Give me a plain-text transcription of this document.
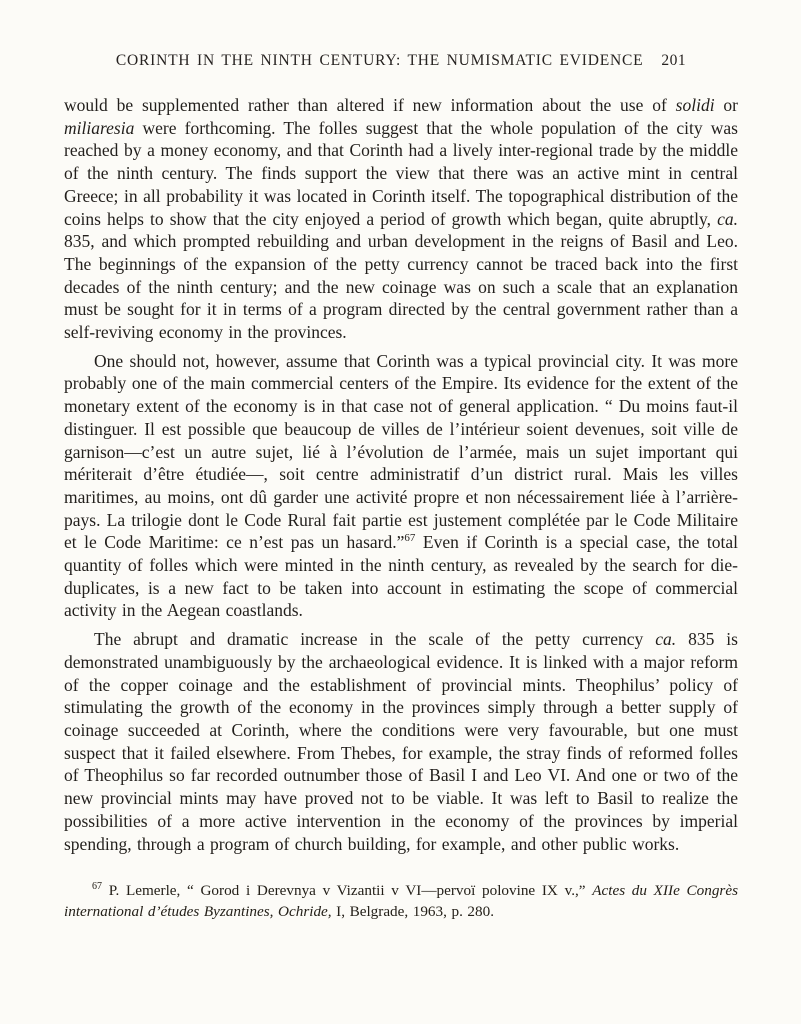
CORINTH IN THE NINTH CENTURY: THE NUMISMATIC EVIDENCE 201

would be supplemented rather than altered if new information about the use of solidi or miliaresia were forthcoming. The folles suggest that the whole population of the city was reached by a money economy, and that Corinth had a lively inter-regional trade by the middle of the ninth century. The finds support the view that there was an active mint in central Greece; in all probability it was located in Corinth itself. The topographical distribution of the coins helps to show that the city enjoyed a period of growth which began, quite abruptly, ca. 835, and which prompted rebuilding and urban development in the reigns of Basil and Leo. The beginnings of the expansion of the petty currency cannot be traced back into the first decades of the ninth century; and the new coinage was on such a scale that an explanation must be sought for it in terms of a program directed by the central government rather than a self-reviving economy in the provinces.

One should not, however, assume that Corinth was a typical provincial city. It was more probably one of the main commercial centers of the Empire. Its evidence for the extent of the monetary extent of the economy is in that case not of general application. “ Du moins faut-il distinguer. Il est possible que beaucoup de villes de l’intérieur soient devenues, soit ville de garnison—c’est un autre sujet, lié à l’évolution de l’armée, mais un sujet important qui mériterait d’être étudiée—, soit centre administratif d’un district rural. Mais les villes maritimes, au moins, ont dû garder une activité propre et non nécessairement liée à l’arrière-pays. La trilogie dont le Code Rural fait partie est justement complétée par le Code Militaire et le Code Maritime: ce n’est pas un hasard.”$^{67}$ Even if Corinth is a special case, the total quantity of folles which were minted in the ninth century, as revealed by the search for die-duplicates, is a new fact to be taken into account in estimating the scope of commercial activity in the Aegean coastlands.

The abrupt and dramatic increase in the scale of the petty currency ca. 835 is demonstrated unambiguously by the archaeological evidence. It is linked with a major reform of the copper coinage and the establishment of provincial mints. Theophilus’ policy of stimulating the growth of the economy in the provinces simply through a better supply of coinage succeeded at Corinth, where the conditions were very favourable, but one must suspect that it failed elsewhere. From Thebes, for example, the stray finds of reformed folles of Theophilus so far recorded outnumber those of Basil I and Leo VI. And one or two of the new provincial mints may have proved not to be viable. It was left to Basil to realize the possibilities of a more active intervention in the economy of the provinces by imperial spending, through a program of church building, for example, and other public works.

$^{67}$ P. Lemerle, “ Gorod i Derevnya v Vizantii v VI—pervoï polovine IX v.,” Actes du XIIe Congrès international d’études Byzantines, Ochride, I, Belgrade, 1963, p. 280.
